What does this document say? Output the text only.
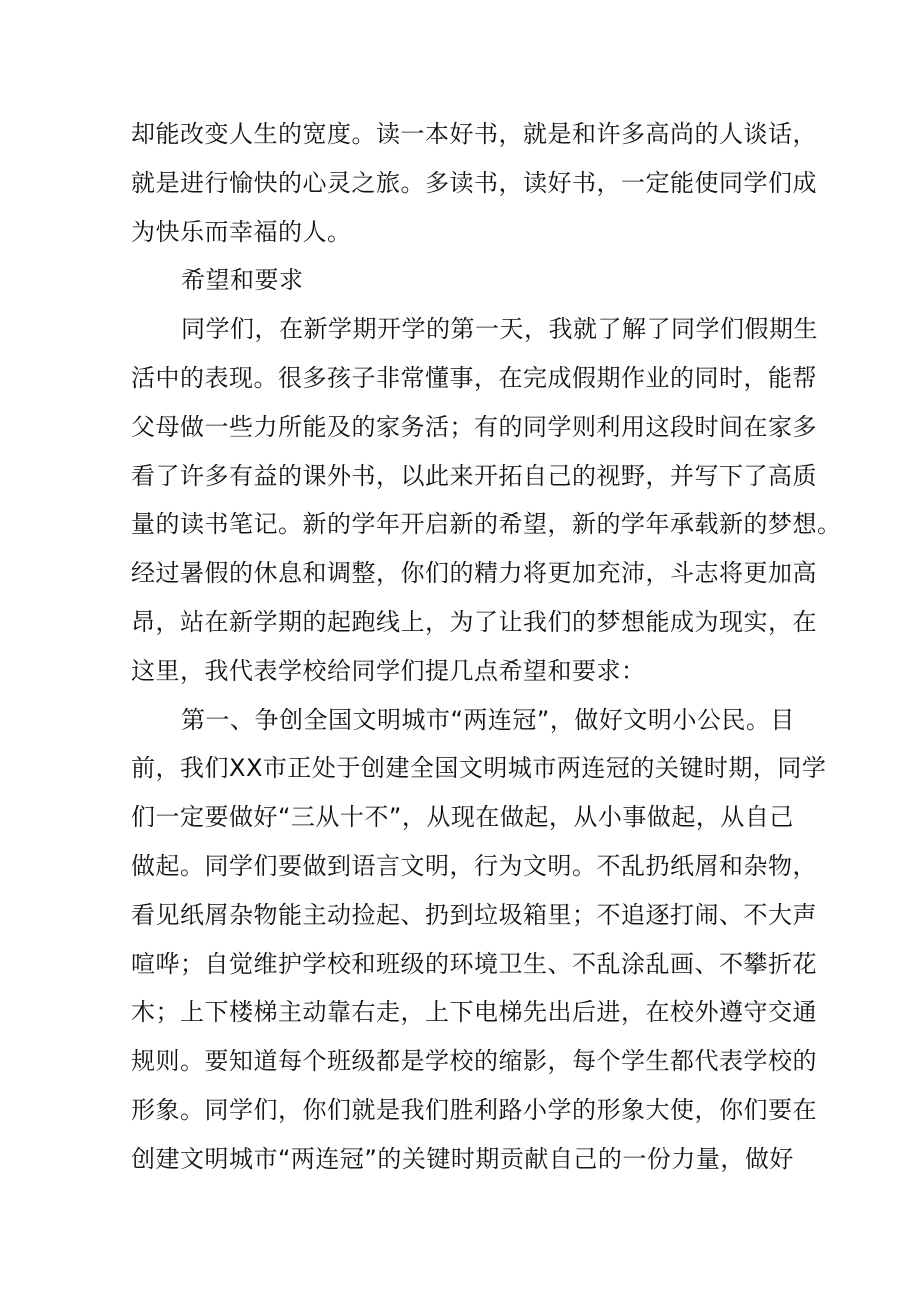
却能改变人生的宽度。读一本好书，就是和许多高尚的人谈话，
就是进行愉快的心灵之旅。多读书，读好书，一定能使同学们成
为快乐而幸福的人。
希望和要求
同学们，在新学期开学的第一天，我就了解了同学们假期生
活中的表现。很多孩子非常懂事，在完成假期作业的同时，能帮
父母做一些力所能及的家务活；有的同学则利用这段时间在家多
看了许多有益的课外书，以此来开拓自己的视野，并写下了高质
量的读书笔记。新的学年开启新的希望，新的学年承载新的梦想。
经过暑假的休息和调整，你们的精力将更加充沛，斗志将更加高
昂，站在新学期的起跑线上，为了让我们的梦想能成为现实，在
这里，我代表学校给同学们提几点希望和要求：
第一、争创全国文明城市“两连冠”，做好文明小公民。目
前，我们XX市正处于创建全国文明城市两连冠的关键时期，同学
们一定要做好“三从十不”，从现在做起，从小事做起，从自己
做起。同学们要做到语言文明，行为文明。不乱扔纸屑和杂物，
看见纸屑杂物能主动捡起、扔到垃圾箱里；不追逐打闹、不大声
喧哗；自觉维护学校和班级的环境卫生、不乱涂乱画、不攀折花
木；上下楼梯主动靠右走，上下电梯先出后进，在校外遵守交通
规则。要知道每个班级都是学校的缩影，每个学生都代表学校的
形象。同学们，你们就是我们胜利路小学的形象大使，你们要在
创建文明城市“两连冠”的关键时期贡献自己的一份力量，做好
